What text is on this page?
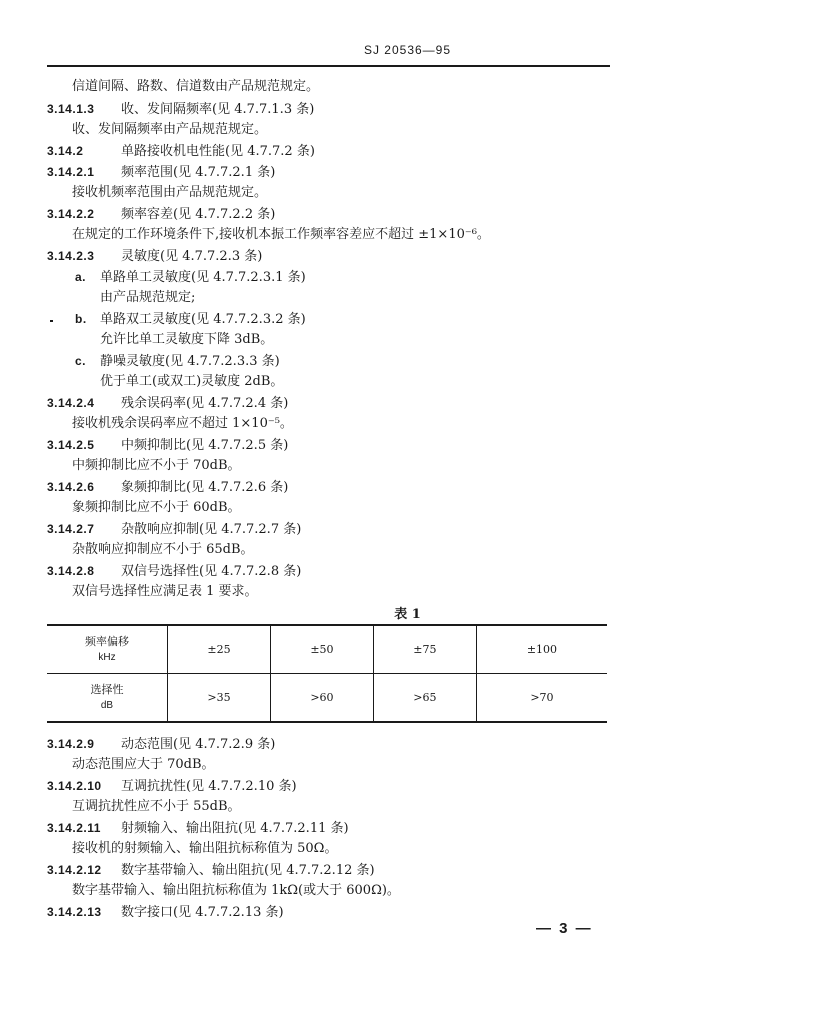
SJ 20536—95
信道间隔、路数、信道数由产品规范规定。
3.14.1.3 收、发间隔频率(见 4.7.7.1.3 条)
收、发间隔频率由产品规范规定。
3.14.2	单路接收机电性能(见 4.7.7.2 条)
3.14.2.1 频率范围(见 4.7.7.2.1 条)
接收机频率范围由产品规范规定。
3.14.2.2 频率容差(见 4.7.7.2.2 条)
在规定的工作环境条件下,接收机本振工作频率容差应不超过 ±1×10⁻⁶。
3.14.2.3 灵敏度(见 4.7.7.2.3 条)
a. 单路单工灵敏度(见 4.7.7.2.3.1 条)
由产品规范规定;
b. 单路双工灵敏度(见 4.7.7.2.3.2 条)
允许比单工灵敏度下降 3dB。
c. 静噪灵敏度(见 4.7.7.2.3.3 条)
优于单工(或双工)灵敏度 2dB。
3.14.2.4 残余误码率(见 4.7.7.2.4 条)
接收机残余误码率应不超过 1×10⁻⁵。
3.14.2.5 中频抑制比(见 4.7.7.2.5 条)
中频抑制比应不小于 70dB。
3.14.2.6 象频抑制比(见 4.7.7.2.6 条)
象频抑制比应不小于 60dB。
3.14.2.7 杂散响应抑制(见 4.7.7.2.7 条)
杂散响应抑制应不小于 65dB。
3.14.2.8 双信号选择性(见 4.7.7.2.8 条)
双信号选择性应满足表 1 要求。
3.14.2.9 动态范围(见 4.7.7.2.9 条)
动态范围应大于 70dB。
3.14.2.10 互调抗扰性(见 4.7.7.2.10 条)
互调抗扰性应不小于 55dB。
3.14.2.11 射频输入、输出阻抗(见 4.7.7.2.11 条)
接收机的射频输入、输出阻抗标称值为 50Ω。
3.14.2.12 数字基带输入、输出阻抗(见 4.7.7.2.12 条)
数字基带输入、输出阻抗标称值为 1kΩ(或大于 600Ω)。
3.14.2.13 数字接口(见 4.7.7.2.13 条)
表 1
频率偏移
kHz	±25	±50	±75	±100

选择性
dB	>35	>60	>65	>70
— 3 —
